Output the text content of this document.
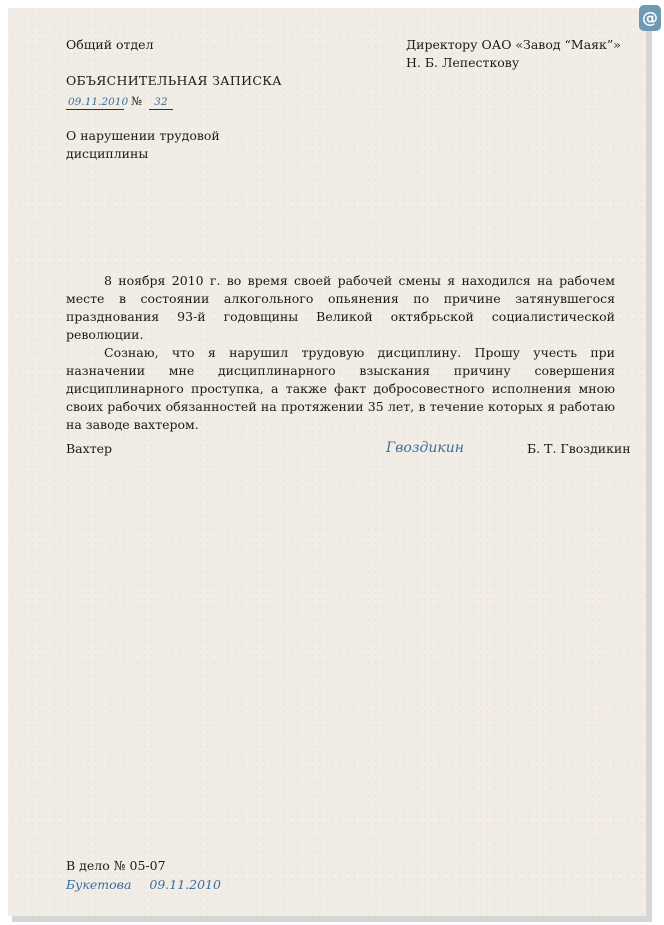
Общий отдел	Директору ОАО «Завод “Маяк”»
Н. Б. Лепесткову
ОБЪЯСНИТЕЛЬНАЯ ЗАПИСКА
09.11.2010 № 32
О нарушении трудовой
дисциплины

8 ноября 2010 г. во время своей рабочей смены я находился на рабочем месте в состоянии алкогольного опьянения по причине затянувшегося празднования 93-й годовщины Великой октябрьской социалистической революции.

Сознаю, что я нарушил трудовую дисциплину. Прошу учесть при назначении мне дисциплинарного взыскания причину совершения дисциплинарного проступка, а также факт добросовестного исполнения мною своих рабочих обязанностей на протяжении 35 лет, в течение которых я работаю на заводе вахтером.

Вахтер	Гвоздикин	Б. Т. Гвоздикин
В дело № 05-07
Букетова 09.11.2010
@
